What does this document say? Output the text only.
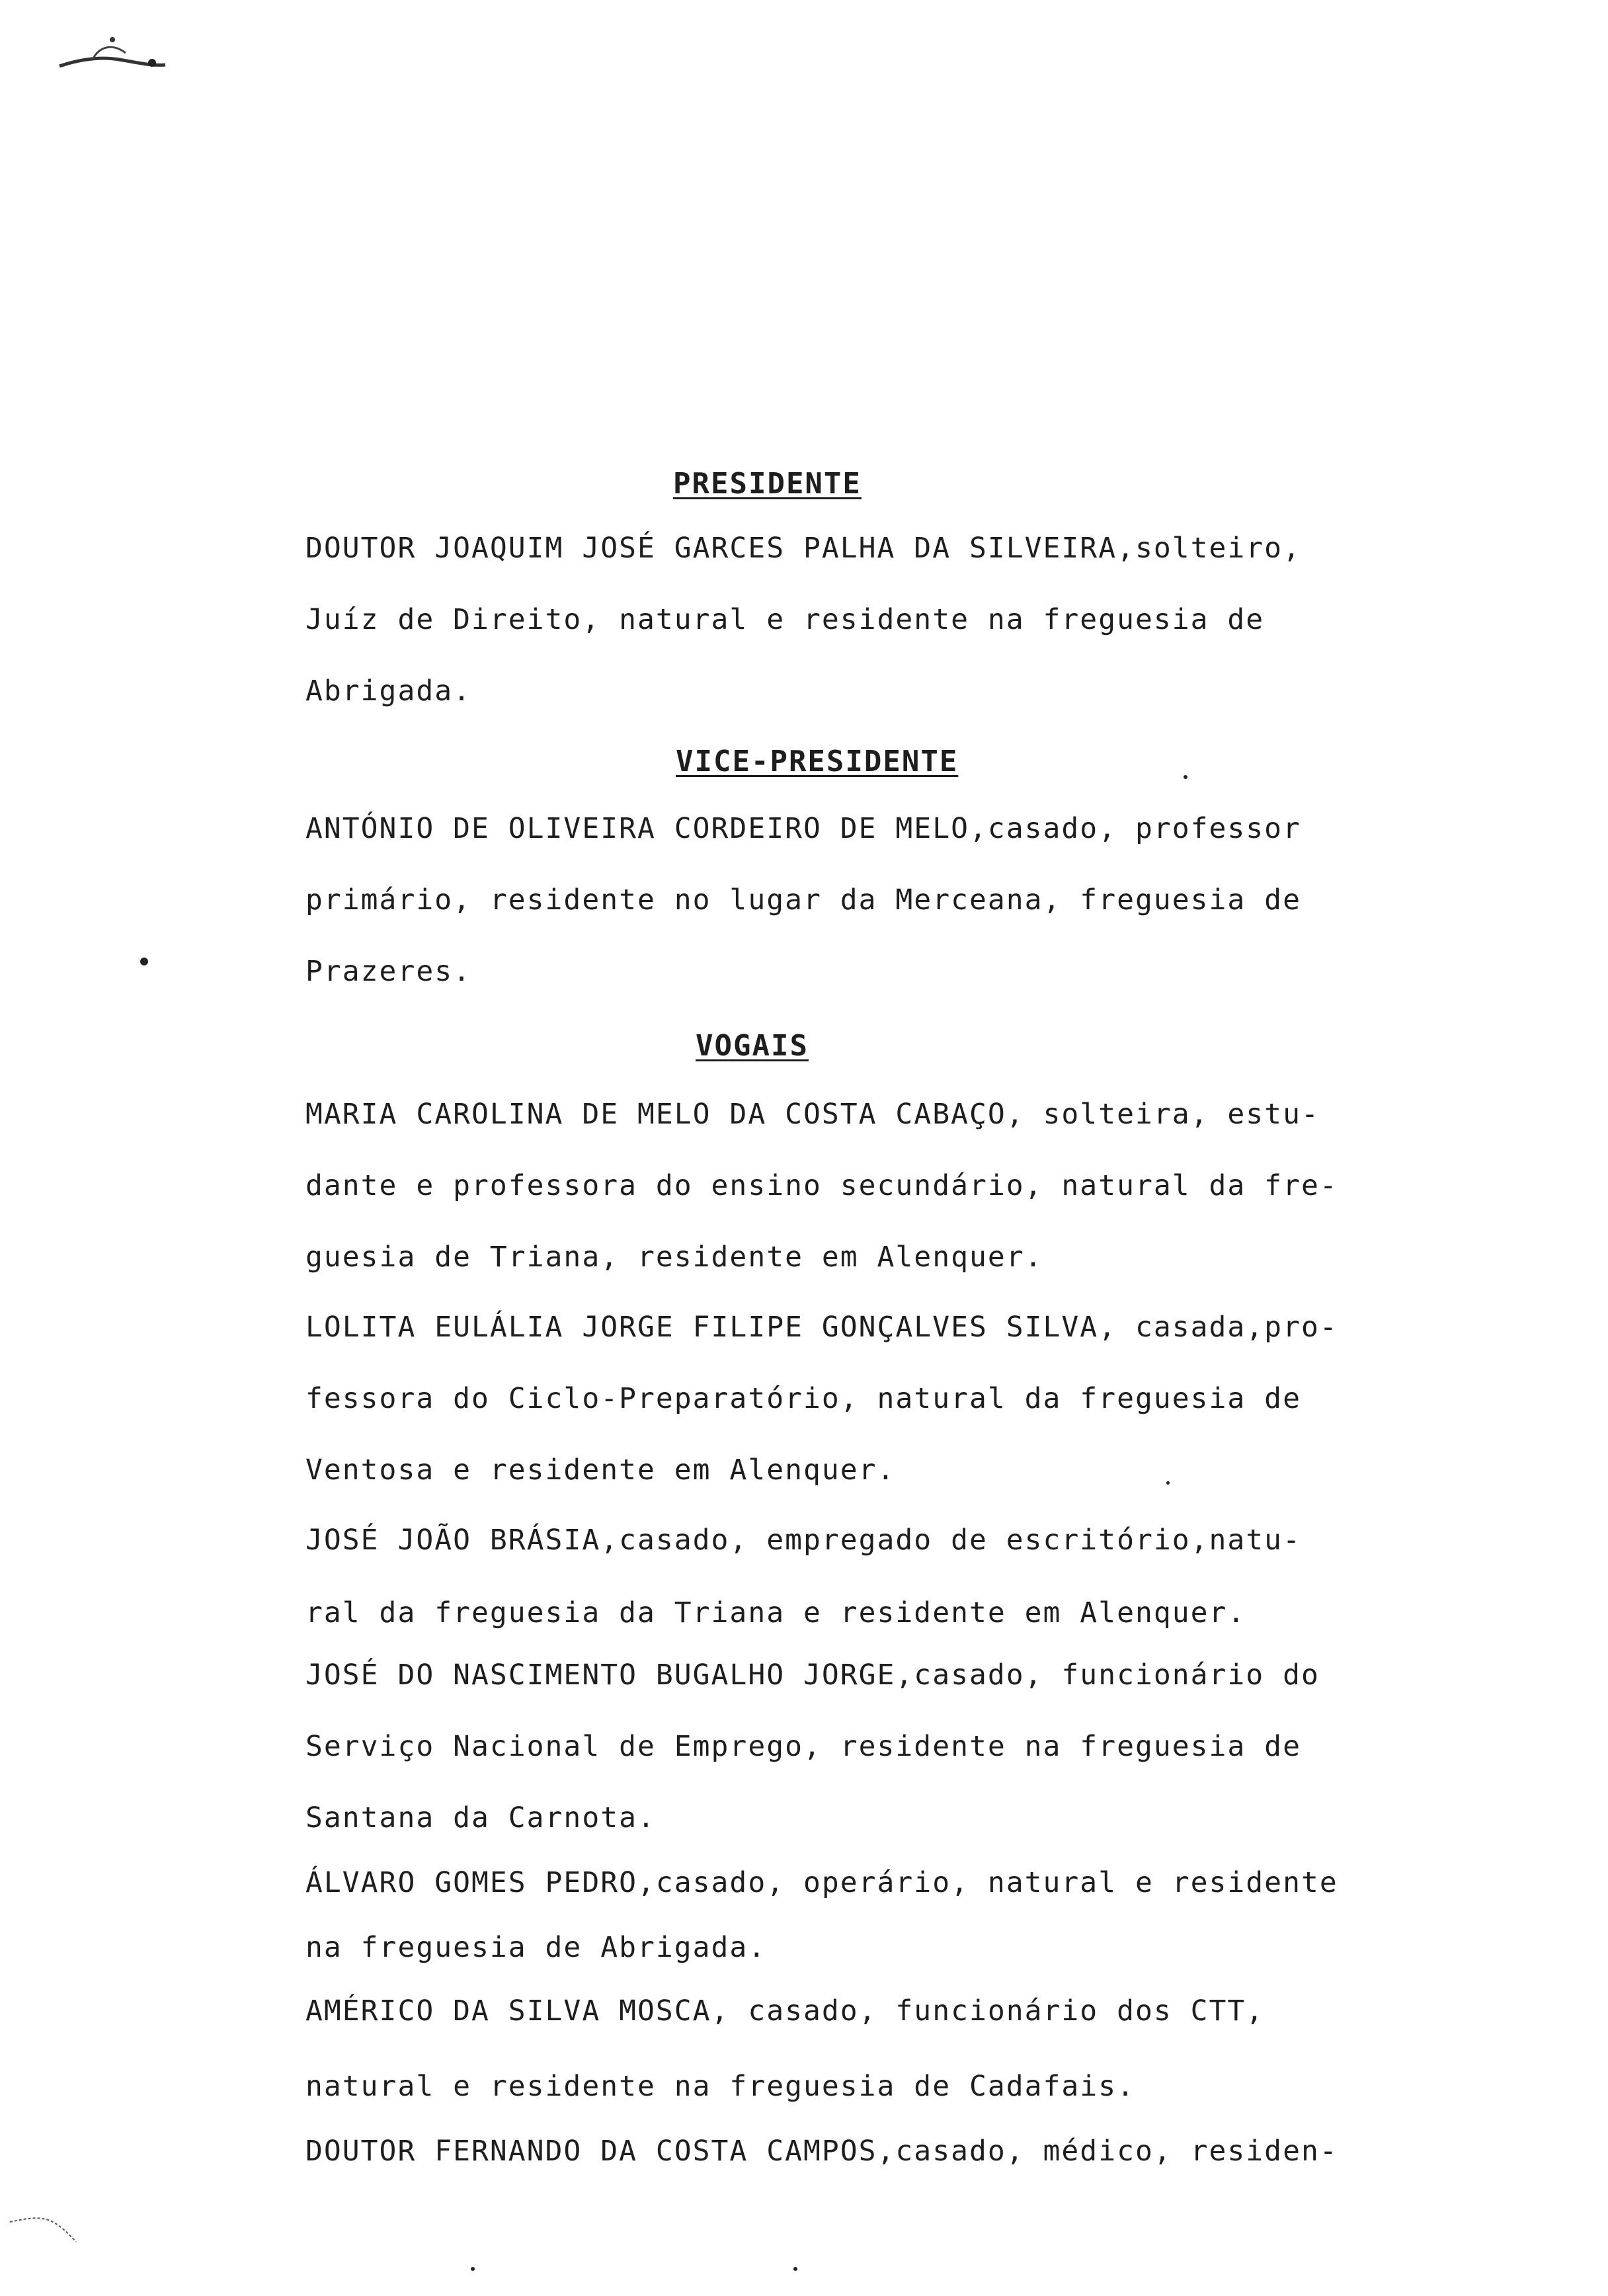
PRESIDENTE
DOUTOR JOAQUIM JOSÉ GARCES PALHA DA SILVEIRA,solteiro,
Juíz de Direito, natural e residente na freguesia de
Abrigada.
VICE-PRESIDENTE
ANTÓNIO DE OLIVEIRA CORDEIRO DE MELO,casado, professor
primário, residente no lugar da Merceana, freguesia de
Prazeres.
VOGAIS
MARIA CAROLINA DE MELO DA COSTA CABAÇO, solteira, estu-
dante e professora do ensino secundário, natural da fre-
guesia de Triana, residente em Alenquer.
LOLITA EULÁLIA JORGE FILIPE GONÇALVES SILVA, casada,pro-
fessora do Ciclo-Preparatório, natural da freguesia de
Ventosa e residente em Alenquer.
JOSÉ JOÃO BRÁSIA,casado, empregado de escritório,natu-
ral da freguesia da Triana e residente em Alenquer.
JOSÉ DO NASCIMENTO BUGALHO JORGE,casado, funcionário do
Serviço Nacional de Emprego, residente na freguesia de
Santana da Carnota.
ÁLVARO GOMES PEDRO,casado, operário, natural e residente
na freguesia de Abrigada.
AMÉRICO DA SILVA MOSCA, casado, funcionário dos CTT,
natural e residente na freguesia de Cadafais.
DOUTOR FERNANDO DA COSTA CAMPOS,casado, médico, residen-
